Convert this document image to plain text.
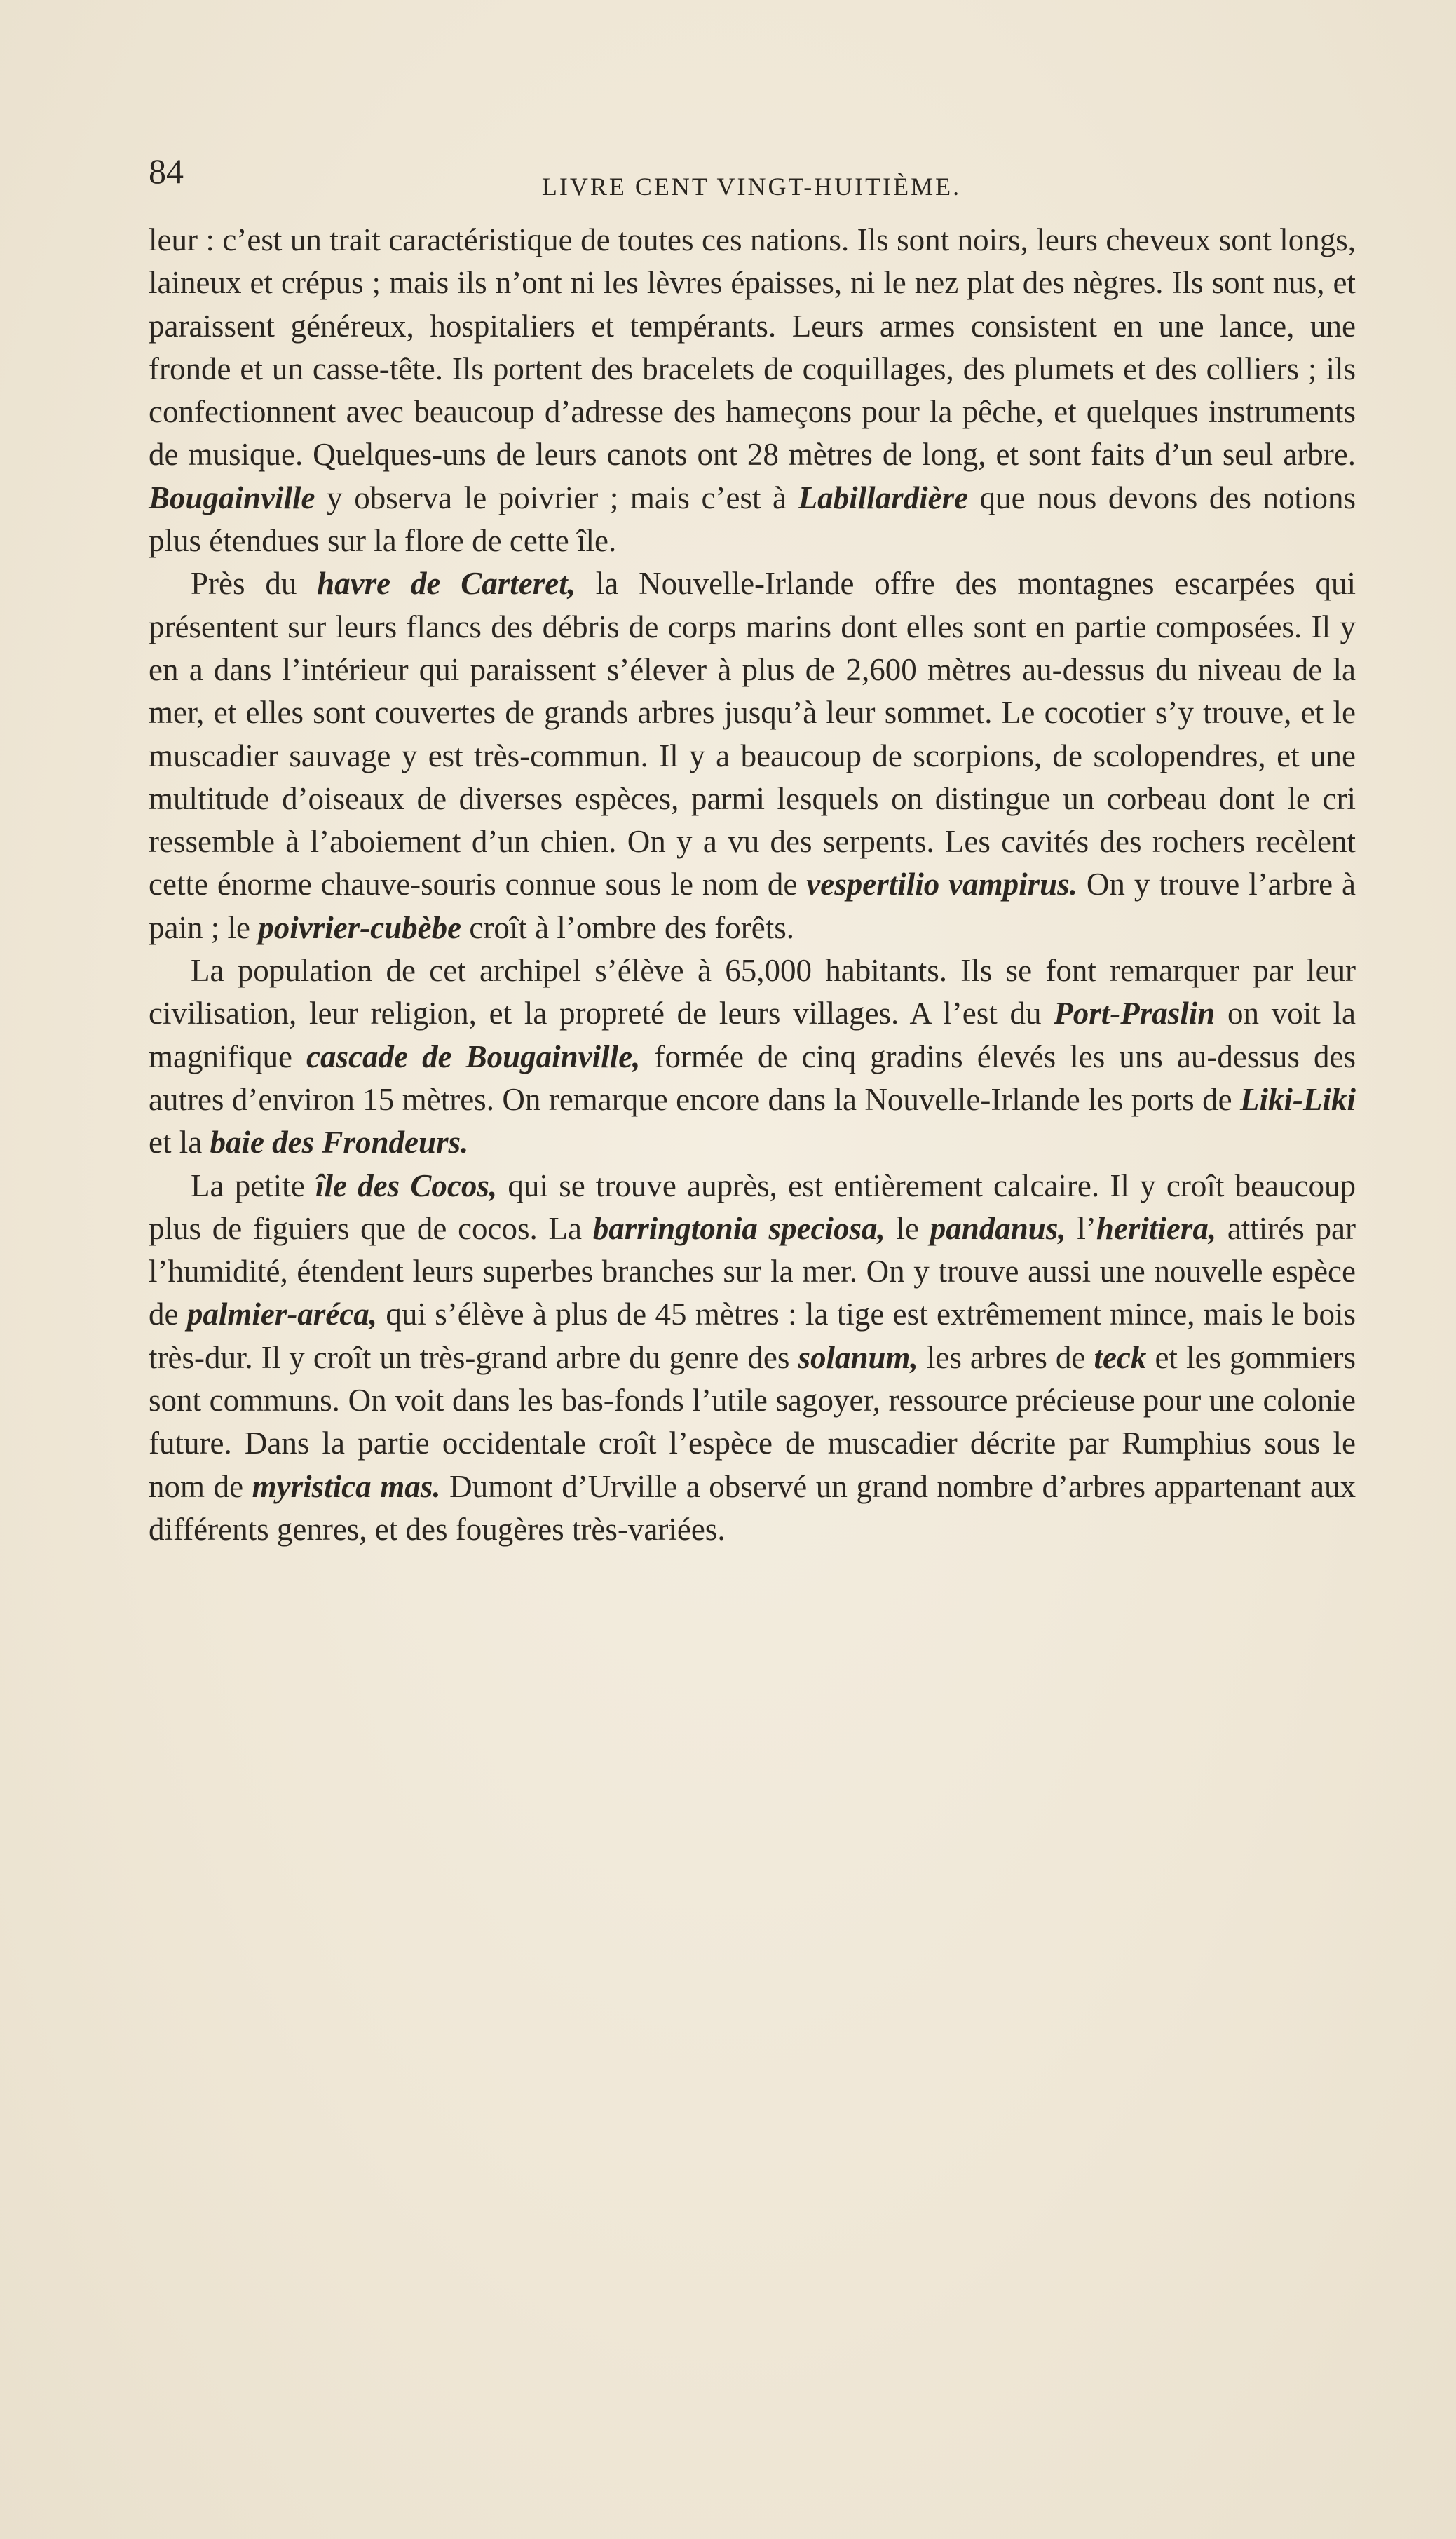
84	LIVRE CENT VINGT-HUITIÈME.

leur : c’est un trait caractéristique de toutes ces nations. Ils sont noirs, leurs cheveux sont longs, laineux et crépus ; mais ils n’ont ni les lèvres épaisses, ni le nez plat des nègres. Ils sont nus, et paraissent généreux, hospitaliers et tempérants. Leurs armes consistent en une lance, une fronde et un casse-tête. Ils portent des bracelets de coquillages, des plumets et des colliers ; ils confectionnent avec beaucoup d’adresse des hameçons pour la pêche, et quelques instruments de musique. Quelques-uns de leurs canots ont 28 mètres de long, et sont faits d’un seul arbre. Bougainville y observa le poivrier ; mais c’est à Labillardière que nous devons des notions plus étendues sur la flore de cette île.

Près du havre de Carteret, la Nouvelle-Irlande offre des montagnes escarpées qui présentent sur leurs flancs des débris de corps marins dont elles sont en partie composées. Il y en a dans l’intérieur qui paraissent s’élever à plus de 2,600 mètres au-dessus du niveau de la mer, et elles sont couvertes de grands arbres jusqu’à leur sommet. Le cocotier s’y trouve, et le muscadier sauvage y est très-commun. Il y a beaucoup de scorpions, de scolopendres, et une multitude d’oiseaux de diverses espèces, parmi lesquels on distingue un corbeau dont le cri ressemble à l’aboiement d’un chien. On y a vu des serpents. Les cavités des rochers recèlent cette énorme chauve-souris connue sous le nom de vespertilio vampirus. On y trouve l’arbre à pain ; le poivrier-cubèbe croît à l’ombre des forêts.

La population de cet archipel s’élève à 65,000 habitants. Ils se font remarquer par leur civilisation, leur religion, et la propreté de leurs villages. A l’est du Port-Praslin on voit la magnifique cascade de Bougainville, formée de cinq gradins élevés les uns au-dessus des autres d’environ 15 mètres. On remarque encore dans la Nouvelle-Irlande les ports de Liki-Liki et la baie des Frondeurs.

La petite île des Cocos, qui se trouve auprès, est entièrement calcaire. Il y croît beaucoup plus de figuiers que de cocos. La barringtonia speciosa, le pandanus, l’heritiera, attirés par l’humidité, étendent leurs superbes branches sur la mer. On y trouve aussi une nouvelle espèce de palmier-aréca, qui s’élève à plus de 45 mètres : la tige est extrêmement mince, mais le bois très-dur. Il y croît un très-grand arbre du genre des solanum, les arbres de teck et les gommiers sont communs. On voit dans les bas-fonds l’utile sagoyer, ressource précieuse pour une colonie future. Dans la partie occidentale croît l’espèce de muscadier décrite par Rumphius sous le nom de myristica mas. Dumont d’Urville a observé un grand nombre d’arbres appartenant aux différents genres, et des fougères très-variées.
